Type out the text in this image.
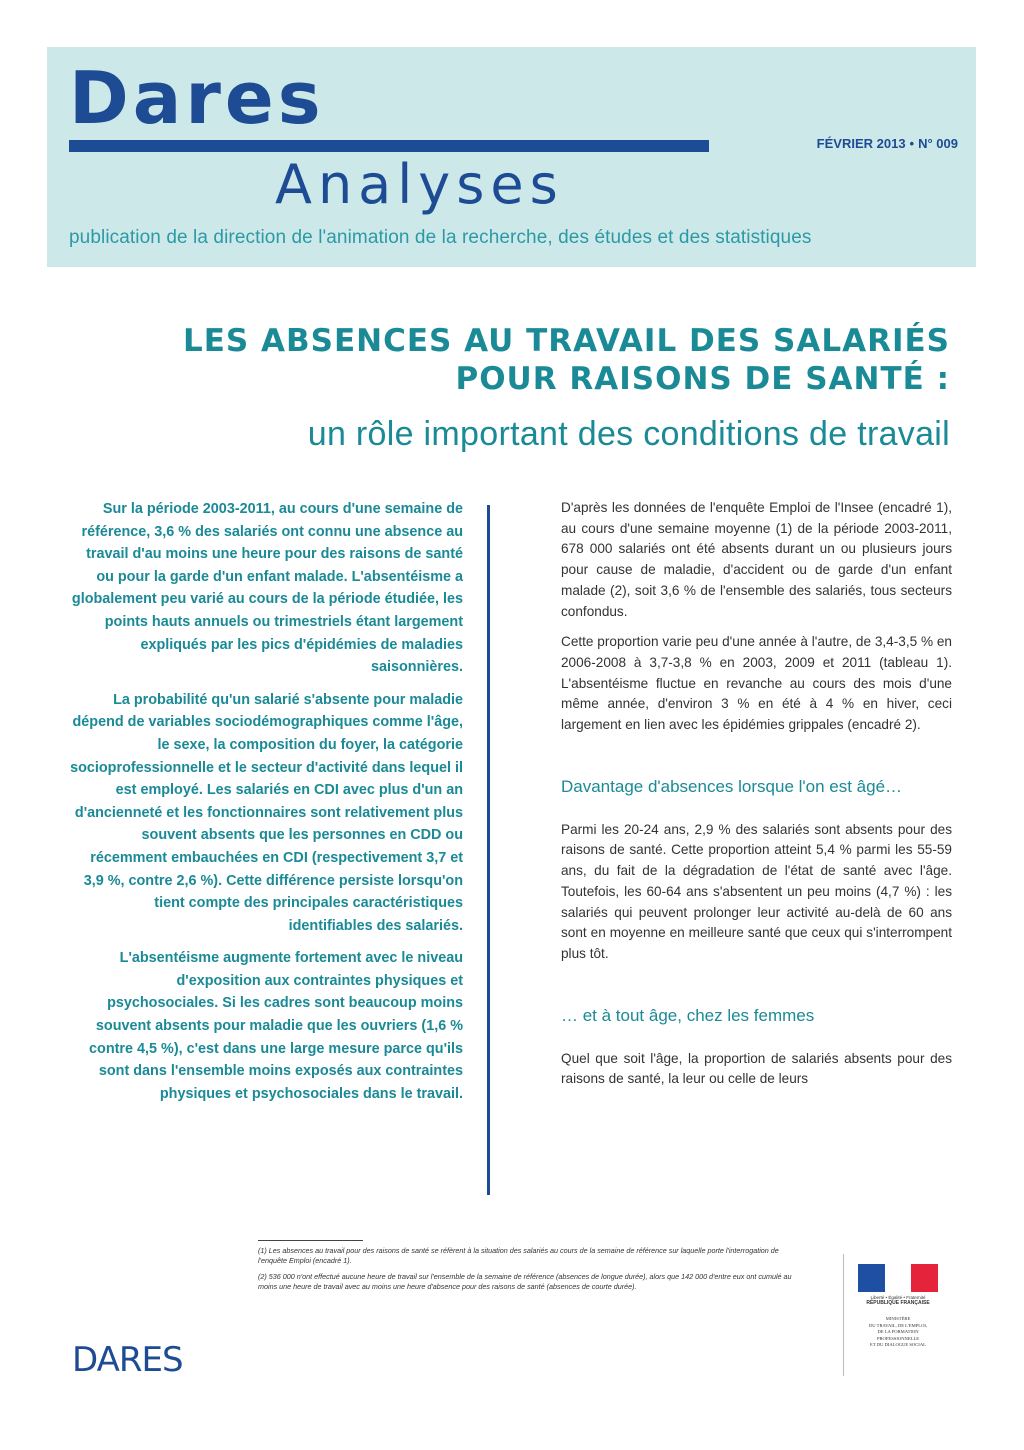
Dares
Analyses
FÉVRIER 2013 • N° 009
publication de la direction de l'animation de la recherche, des études et des statistiques
LES ABSENCES AU TRAVAIL DES SALARIÉS
POUR RAISONS DE SANTÉ :
un rôle important des conditions de travail

Sur la période 2003-2011, au cours d'une semaine de référence, 3,6 % des salariés ont connu une absence au travail d'au moins une heure pour des raisons de santé ou pour la garde d'un enfant malade. L'absentéisme a globalement peu varié au cours de la période étudiée, les points hauts annuels ou trimestriels étant largement expliqués par les pics d'épidémies de maladies saisonnières.

La probabilité qu'un salarié s'absente pour maladie dépend de variables sociodémographiques comme l'âge, le sexe, la composition du foyer, la catégorie socioprofessionnelle et le secteur d'activité dans lequel il est employé. Les salariés en CDI avec plus d'un an d'ancienneté et les fonctionnaires sont relativement plus souvent absents que les personnes en CDD ou récemment embauchées en CDI (respectivement 3,7 et 3,9 %, contre 2,6 %). Cette différence persiste lorsqu'on tient compte des principales caractéristiques identifiables des salariés.

L'absentéisme augmente fortement avec le niveau d'exposition aux contraintes physiques et psychosociales. Si les cadres sont beaucoup moins souvent absents pour maladie que les ouvriers (1,6 % contre 4,5 %), c'est dans une large mesure parce qu'ils sont dans l'ensemble moins exposés aux contraintes physiques et psychosociales dans le travail.

D'après les données de l'enquête Emploi de l'Insee (encadré 1), au cours d'une semaine moyenne (1) de la période 2003-2011, 678 000 salariés ont été absents durant un ou plusieurs jours pour cause de maladie, d'accident ou de garde d'un enfant malade (2), soit 3,6 % de l'ensemble des salariés, tous secteurs confondus.

Cette proportion varie peu d'une année à l'autre, de 3,4-3,5 % en 2006-2008 à 3,7-3,8 % en 2003, 2009 et 2011 (tableau 1). L'absentéisme fluctue en revanche au cours des mois d'une même année, d'environ 3 % en été à 4 % en hiver, ceci largement en lien avec les épidémies grippales (encadré 2).

Davantage d'absences lorsque l'on est âgé…

Parmi les 20-24 ans, 2,9 % des salariés sont absents pour des raisons de santé. Cette proportion atteint 5,4 % parmi les 55-59 ans, du fait de la dégradation de l'état de santé avec l'âge. Toutefois, les 60-64 ans s'absentent un peu moins (4,7 %) : les salariés qui peuvent prolonger leur activité au-delà de 60 ans sont en moyenne en meilleure santé que ceux qui s'interrompent plus tôt.

… et à tout âge, chez les femmes

Quel que soit l'âge, la proportion de salariés absents pour des raisons de santé, la leur ou celle de leurs

(1) Les absences au travail pour des raisons de santé se réfèrent à la situation des salariés au cours de la semaine de référence sur laquelle porte l'interrogation de l'enquête Emploi (encadré 1).

(2) 536 000 n'ont effectué aucune heure de travail sur l'ensemble de la semaine de référence (absences de longue durée), alors que 142 000 d'entre eux ont cumulé au moins une heure de travail avec au moins une heure d'absence pour des raisons de santé (absences de courte durée).

DARES
Liberté • Égalité • Fraternité
RÉPUBLIQUE FRANÇAISE
MINISTÈRE
DU TRAVAIL, DE L'EMPLOI,
DE LA FORMATION
PROFESSIONNELLE
ET DU DIALOGUE SOCIAL
